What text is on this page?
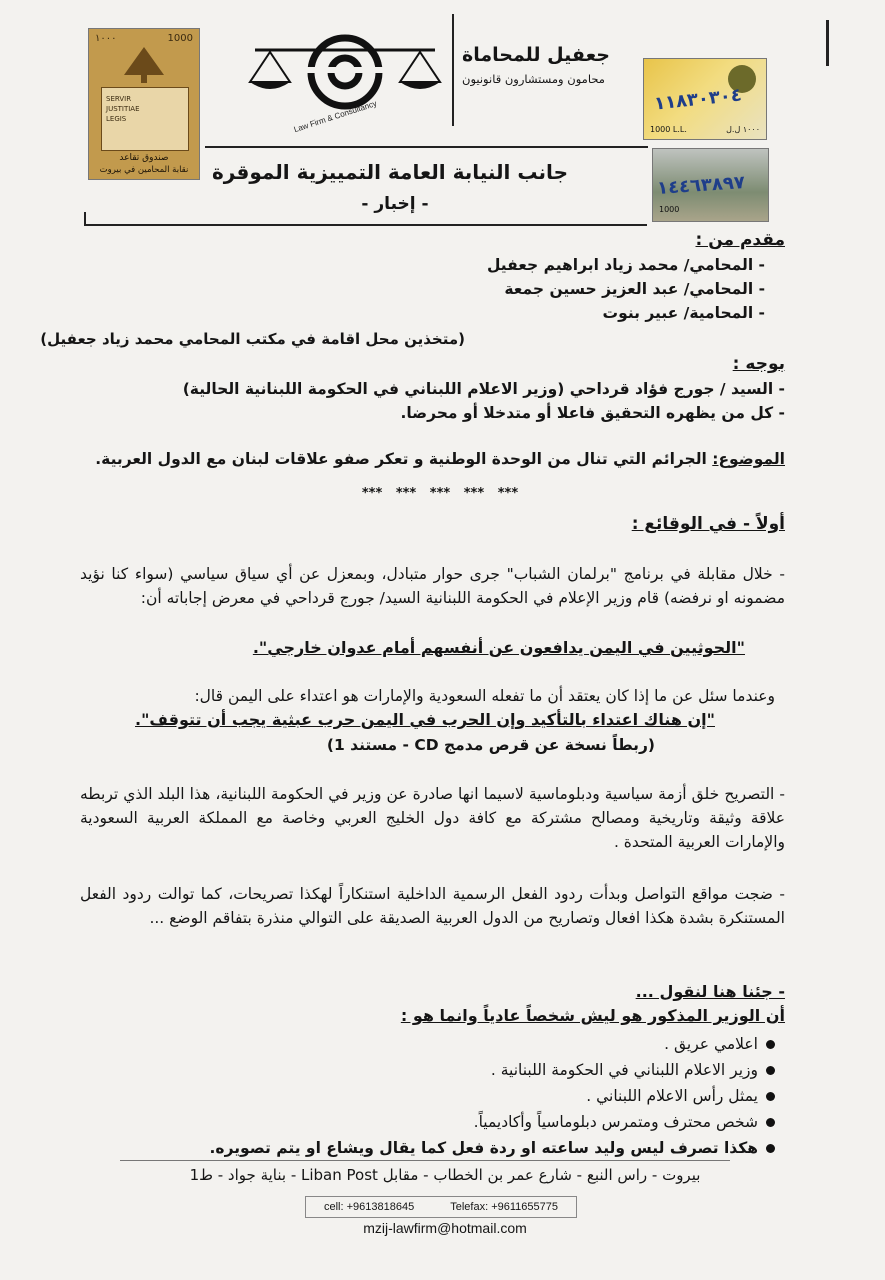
١٠٠٠	1000
SERVIR
JUSTITIAE
LEGIS
صندوق تقاعد
نقابة المحامين في بيروت
Law Firm & Consultancy
جعفيل للمحاماة
محامون ومستشارون قانونيون
١١٨٣٠٣٠٤
1000 L.L.	١٠٠٠ ل.ل
١٤٤٦٣٨٩٧
1000
جانب النيابة العامة التمييزية الموقرة
- إخبار -
مقدم من :
- المحامي/ محمد زياد ابراهيم جعفيل
- المحامي/ عبد العزيز حسين جمعة
- المحامية/ عبير بنوت
(متخذين محل اقامة في مكتب المحامي محمد زياد جعفيل)
بوجه :
- السيد / جورج فؤاد قرداحي (وزير الاعلام اللبناني في الحكومة اللبنانية الحالية)
- كل من يظهره التحقيق فاعلا أو متدخلا أو محرضا.
الموضوع: الجرائم التي تنال من الوحدة الوطنية و تعكر صفو علاقات لبنان مع الدول العربية.
***   ***   ***   ***   ***
أولاً - في الوقائع :
- خلال مقابلة في برنامج "برلمان الشباب" جرى حوار متبادل، وبمعزل عن أي سياق سياسي (سواء كنا نؤيد مضمونه او نرفضه) قام وزير الإعلام في الحكومة اللبنانية السيد/ جورج قرداحي في معرض إجاباته أن:
"الحوثيين في اليمن يدافعون عن أنفسهم أمام عدوان خارجي".
وعندما سئل عن ما إذا كان يعتقد أن ما تفعله السعودية والإمارات هو اعتداء على اليمن قال:
"إن هناك اعتداء بالتأكيد وإن الحرب في اليمن حرب عبثية يجب أن تتوقف".
(ربطاً نسخة عن قرص مدمج CD - مستند 1)
- التصريح خلق أزمة سياسية ودبلوماسية لاسيما انها صادرة عن وزير في الحكومة اللبنانية، هذا البلد الذي تربطه علاقة وثيقة وتاريخية ومصالح مشتركة مع كافة دول الخليج العربي وخاصة مع المملكة العربية السعودية والإمارات العربية المتحدة .
- ضجت مواقع التواصل وبدأت ردود الفعل الرسمية الداخلية استنكاراً لهكذا تصريحات، كما توالت ردود الفعل المستنكرة بشدة هكذا افعال وتصاريح من الدول العربية الصديقة على التوالي منذرة بتفاقم الوضع ...
- جئنا هنا لنقول ...
أن الوزير المذكور هو ليش شخصاً عادياً وانما هو :
اعلامي عريق .
وزير الاعلام اللبناني في الحكومة اللبنانية .
يمثل رأس الاعلام اللبناني .
شخص محترف ومتمرس دبلوماسياً وأكاديمياً.
هكذا تصرف ليس وليد ساعته او ردة فعل كما يقال ويشاع او يتم تصويره.
بيروت - راس النبع - شارع عمر بن الخطاب - مقابل Liban Post - بناية جواد - ط1
cell: +9613818645	Telefax: +9611655775
mzij-lawfirm@hotmail.com
